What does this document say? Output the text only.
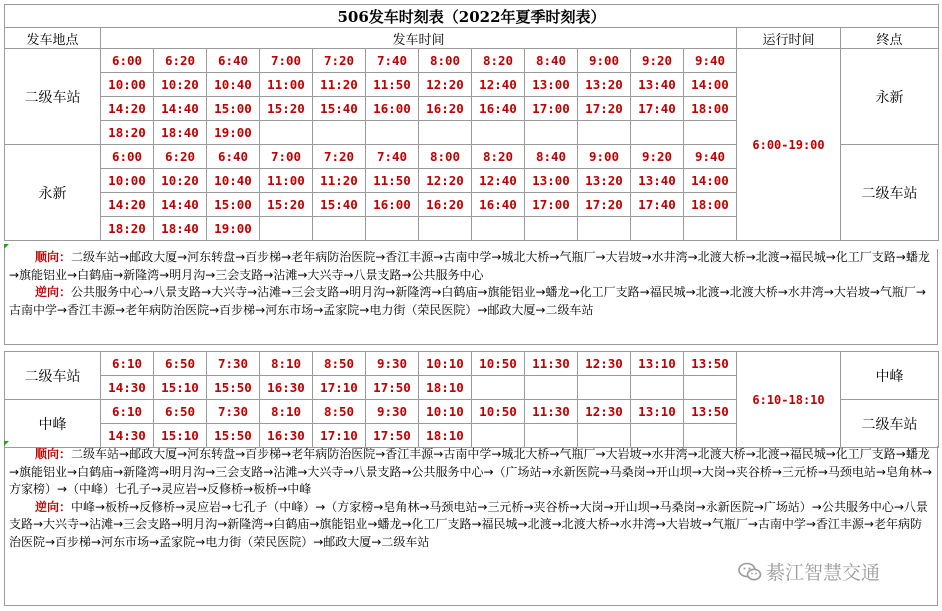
506发车时刻表（2022年夏季时刻表）														
发车地点	发车时间												运行时间	终点
二级车站	6:00	6:20	6:40	7:00	7:20	7:40	8:00	8:20	8:40	9:00	9:20	9:40	6:00-19:00	永新
	10:00	10:20	10:40	11:00	11:20	11:50	12:20	12:40	13:00	13:20	13:40	14:00		
	14:20	14:40	15:00	15:20	15:40	16:00	16:20	16:40	17:00	17:20	17:40	18:00		
	18:20	18:40	19:00											
永新	6:00	6:20	6:40	7:00	7:20	7:40	8:00	8:20	8:40	9:00	9:20	9:40		二级车站
	10:00	10:20	10:40	11:00	11:20	11:50	12:20	12:40	13:00	13:20	13:40	14:00		
	14:20	14:40	15:00	15:20	15:40	16:00	16:20	16:40	17:00	17:20	17:40	18:00		
	18:20	18:40	19:00											
顺向：二级车站→邮政大厦→河东转盘→百步梯→老年病防治医院→香江丰源→古南中学→城北大桥→气瓶厂→大岩坡→水井湾→北渡大桥→北渡→福民城→化工厂支路→蟠龙→旗能铝业→白鹤庙→新隆湾→明月沟→三会支路→沾滩→大兴寺→八景支路→公共服务中心
逆向：公共服务中心→八景支路→大兴寺→沾滩→三会支路→明月沟→新隆湾→白鹤庙→旗能铝业→蟠龙→化工厂支路→福民城→北渡→北渡大桥→水井湾→大岩坡→气瓶厂→古南中学→香江丰源→老年病防治医院→百步梯→河东市场→孟家院→电力街（荣民医院）→邮政大厦→二级车站
二级车站	6:10	6:50	7:30	8:10	8:50	9:30	10:10	10:50	11:30	12:30	13:10	13:50	6:10-18:10	中峰
	14:30	15:10	15:50	16:30	17:10	17:50	18:10							
中峰	6:10	6:50	7:30	8:10	8:50	9:30	10:10	10:50	11:30	12:30	13:10	13:50		二级车站
	14:30	15:10	15:50	16:30	17:10	17:50	18:10							
顺向：二级车站→邮政大厦→河东转盘→百步梯→老年病防治医院→香江丰源→古南中学→城北大桥→气瓶厂→大岩坡→水井湾→北渡大桥→北渡→福民城→化工厂支路→蟠龙→旗能铝业→白鹤庙→新隆湾→明月沟→三会支路→沾滩→大兴寺→八景支路→公共服务中心→（广场站→永新医院→马桑岗→开山坝→大岗→夹谷桥→三元桥→马颈电站→皂角林→方家榜）→（中峰）七孔子→灵应岩→反修桥→板桥→中峰
逆向：中峰→板桥→反修桥→灵应岩→七孔子（中峰）→（方家榜→皂角林→马颈电站→三元桥→夹谷桥→大岗→开山坝→马桑岗→永新医院→广场站）→公共服务中心→八景支路→大兴寺→沾滩→三会支路→明月沟→新隆湾→白鹤庙→旗能铝业→蟠龙→化工厂支路→福民城→北渡→北渡大桥→水井湾→大岩坡→气瓶厂→古南中学→香江丰源→老年病防治医院→百步梯→河东市场→孟家院→电力街（荣民医院）→邮政大厦→二级车站
綦江智慧交通
